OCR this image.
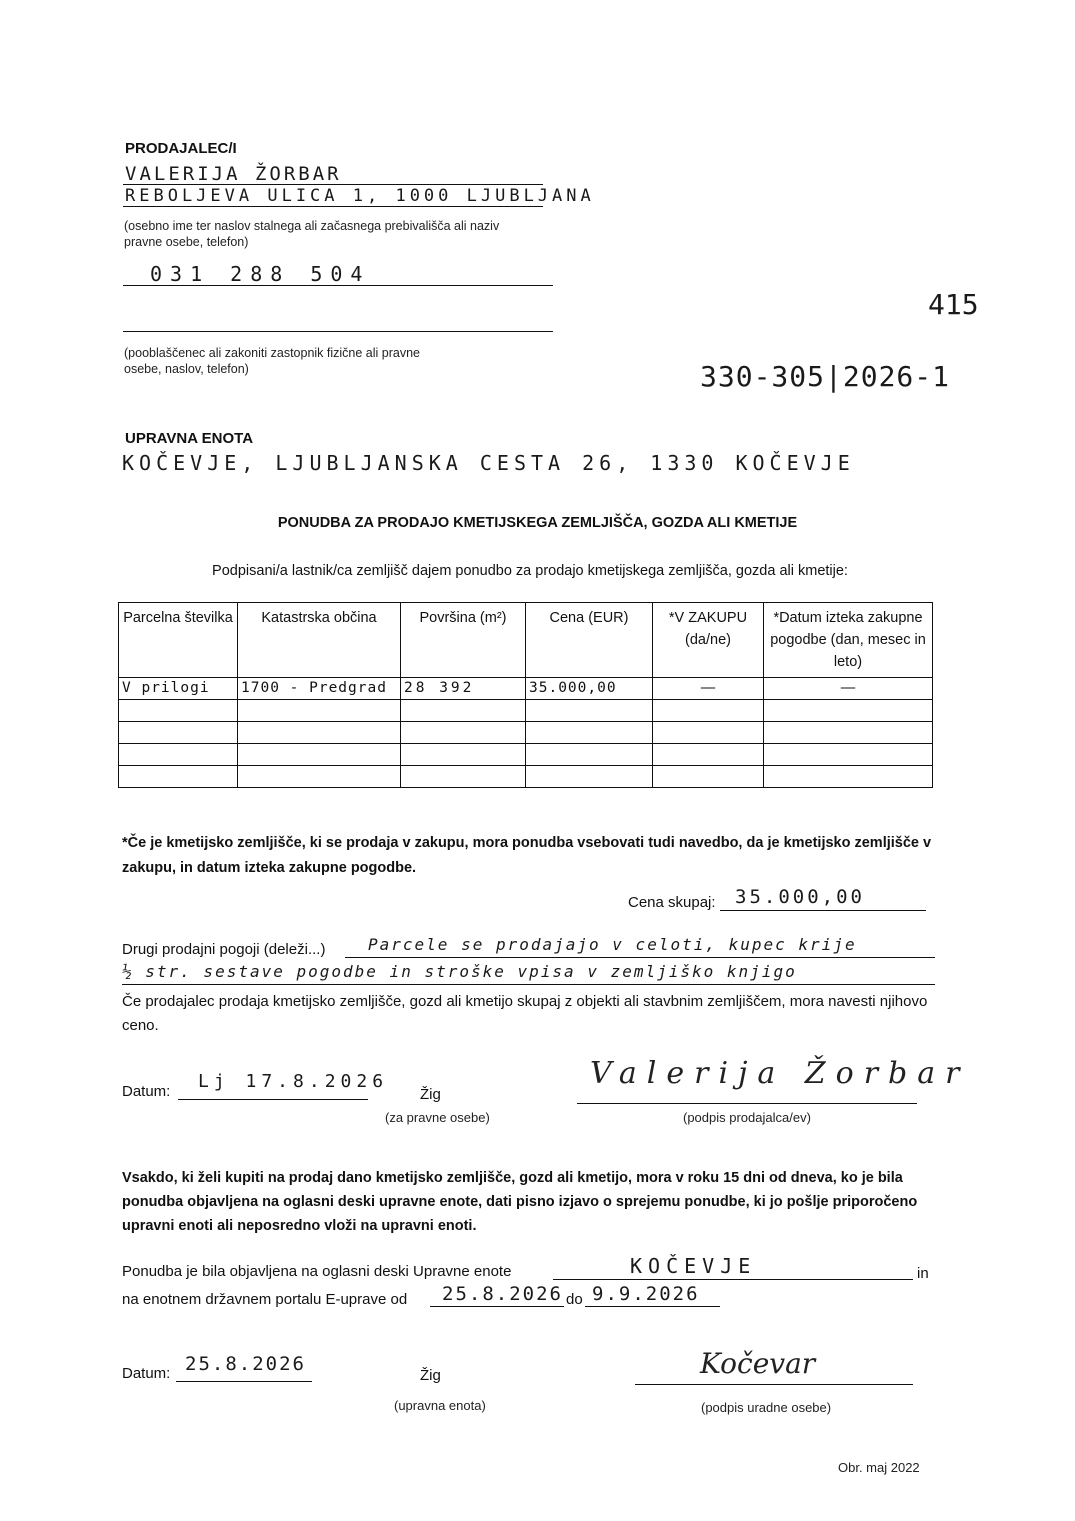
PRODAJALEC/I
VALERIJA ŽORBAR
REBOLJEVA ULICA 1, 1000 LJUBLJANA
(osebno ime ter naslov stalnega ali začasnega prebivališča ali naziv pravne osebe, telefon)
031 288 504
(pooblaščenec ali zakoniti zastopnik fizične ali pravne osebe, naslov, telefon)
415
330-305|2026-1
UPRAVNA ENOTA
KOČEVJE, LJUBLJANSKA CESTA 26, 1330 KOČEVJE
PONUDBA ZA PRODAJO KMETIJSKEGA ZEMLJIŠČA, GOZDA ALI KMETIJE
Podpisani/a lastnik/ca zemljišč dajem ponudbo za prodajo kmetijskega zemljišča, gozda ali kmetije:
Parcelna številka	Katastrska občina	Površina (m²)	Cena (EUR)	*V ZAKUPU (da/ne)	*Datum izteka zakupne pogodbe (dan, mesec in leto)
V prilogi	1700 - Predgrad	28 392	35.000,00	—	—

*Če je kmetijsko zemljišče, ki se prodaja v zakupu, mora ponudba vsebovati tudi navedbo, da je kmetijsko zemljišče v zakupu, in datum izteka zakupne pogodbe.
Cena skupaj: 35.000,00
Drugi prodajni pogoji (deleži...)	Parcele se prodajajo v celoti, kupec krije
½ str. sestave pogodbe in stroške vpisa v zemljiško knjigo
Če prodajalec prodaja kmetijsko zemljišče, gozd ali kmetijo skupaj z objekti ali stavbnim zemljiščem, mora navesti njihovo ceno.
Datum: Lj 17.8.2026
Žig
(za pravne osebe)
Valerija Žorbar
(podpis prodajalca/ev)
Vsakdo, ki želi kupiti na prodaj dano kmetijsko zemljišče, gozd ali kmetijo, mora v roku 15 dni od dneva, ko je bila ponudba objavljena na oglasni deski upravne enote, dati pisno izjavo o sprejemu ponudbe, ki jo pošlje priporočeno upravni enoti ali neposredno vloži na upravni enoti.
Ponudba je bila objavljena na oglasni deski Upravne enote	KOČEVJE	in
na enotnem državnem portalu E-uprave od 25.8.2026 do 9.9.2026
Datum: 25.8.2026
Žig
(upravna enota)
Kočevar
(podpis uradne osebe)
Obr. maj 2022
